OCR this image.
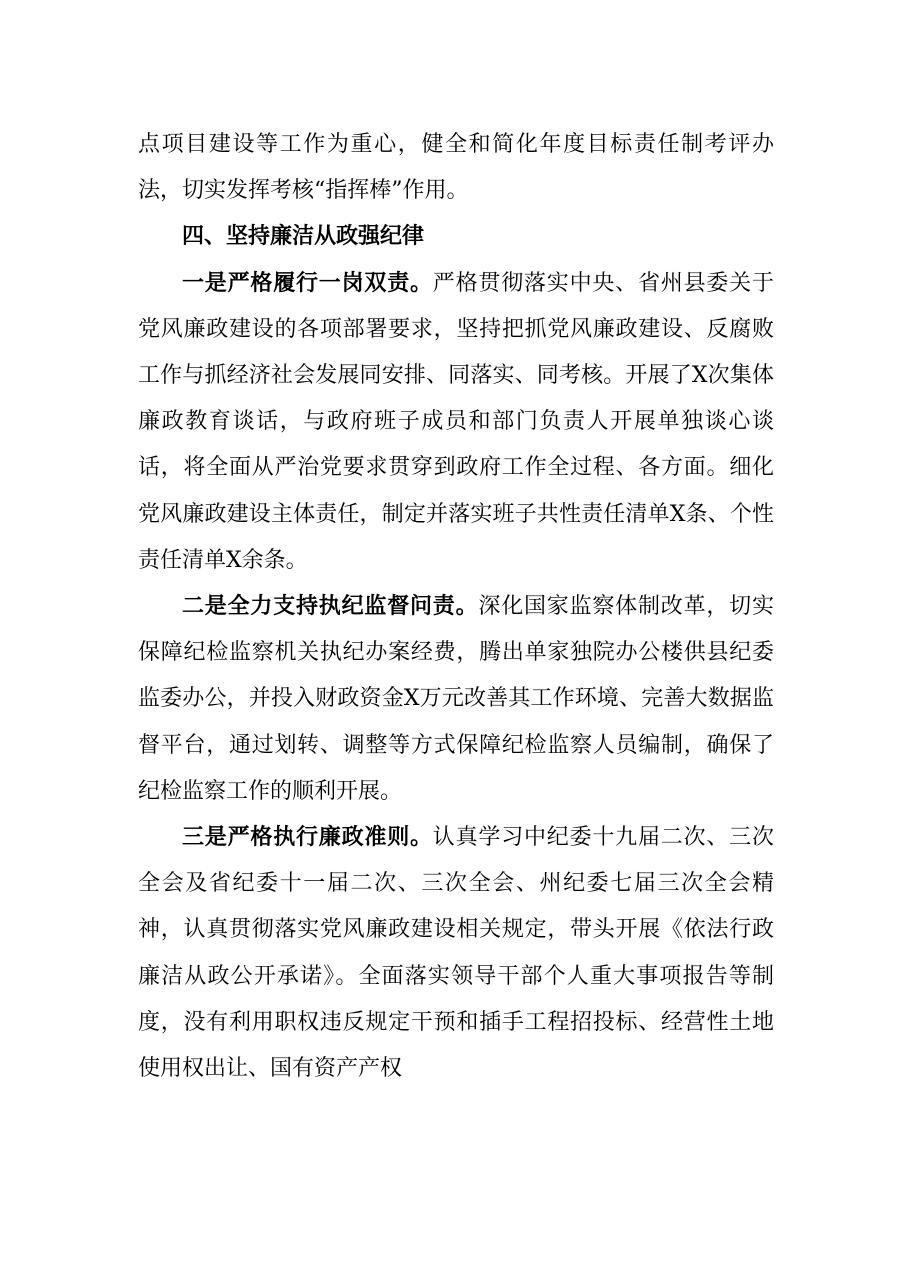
点项目建设等工作为重心，健全和简化年度目标责任制考评办法，切实发挥考核“指挥棒”作用。

四、坚持廉洁从政强纪律

一是严格履行一岗双责。严格贯彻落实中央、省州县委关于党风廉政建设的各项部署要求，坚持把抓党风廉政建设、反腐败工作与抓经济社会发展同安排、同落实、同考核。开展了X次集体廉政教育谈话，与政府班子成员和部门负责人开展单独谈心谈话，将全面从严治党要求贯穿到政府工作全过程、各方面。细化党风廉政建设主体责任，制定并落实班子共性责任清单X条、个性责任清单X余条。

二是全力支持执纪监督问责。深化国家监察体制改革，切实保障纪检监察机关执纪办案经费，腾出单家独院办公楼供县纪委监委办公，并投入财政资金X万元改善其工作环境、完善大数据监督平台，通过划转、调整等方式保障纪检监察人员编制，确保了纪检监察工作的顺利开展。

三是严格执行廉政准则。认真学习中纪委十九届二次、三次全会及省纪委十一届二次、三次全会、州纪委七届三次全会精神，认真贯彻落实党风廉政建设相关规定，带头开展《依法行政廉洁从政公开承诺》。全面落实领导干部个人重大事项报告等制度，没有利用职权违反规定干预和插手工程招投标、经营性土地使用权出让、国有资产产权
